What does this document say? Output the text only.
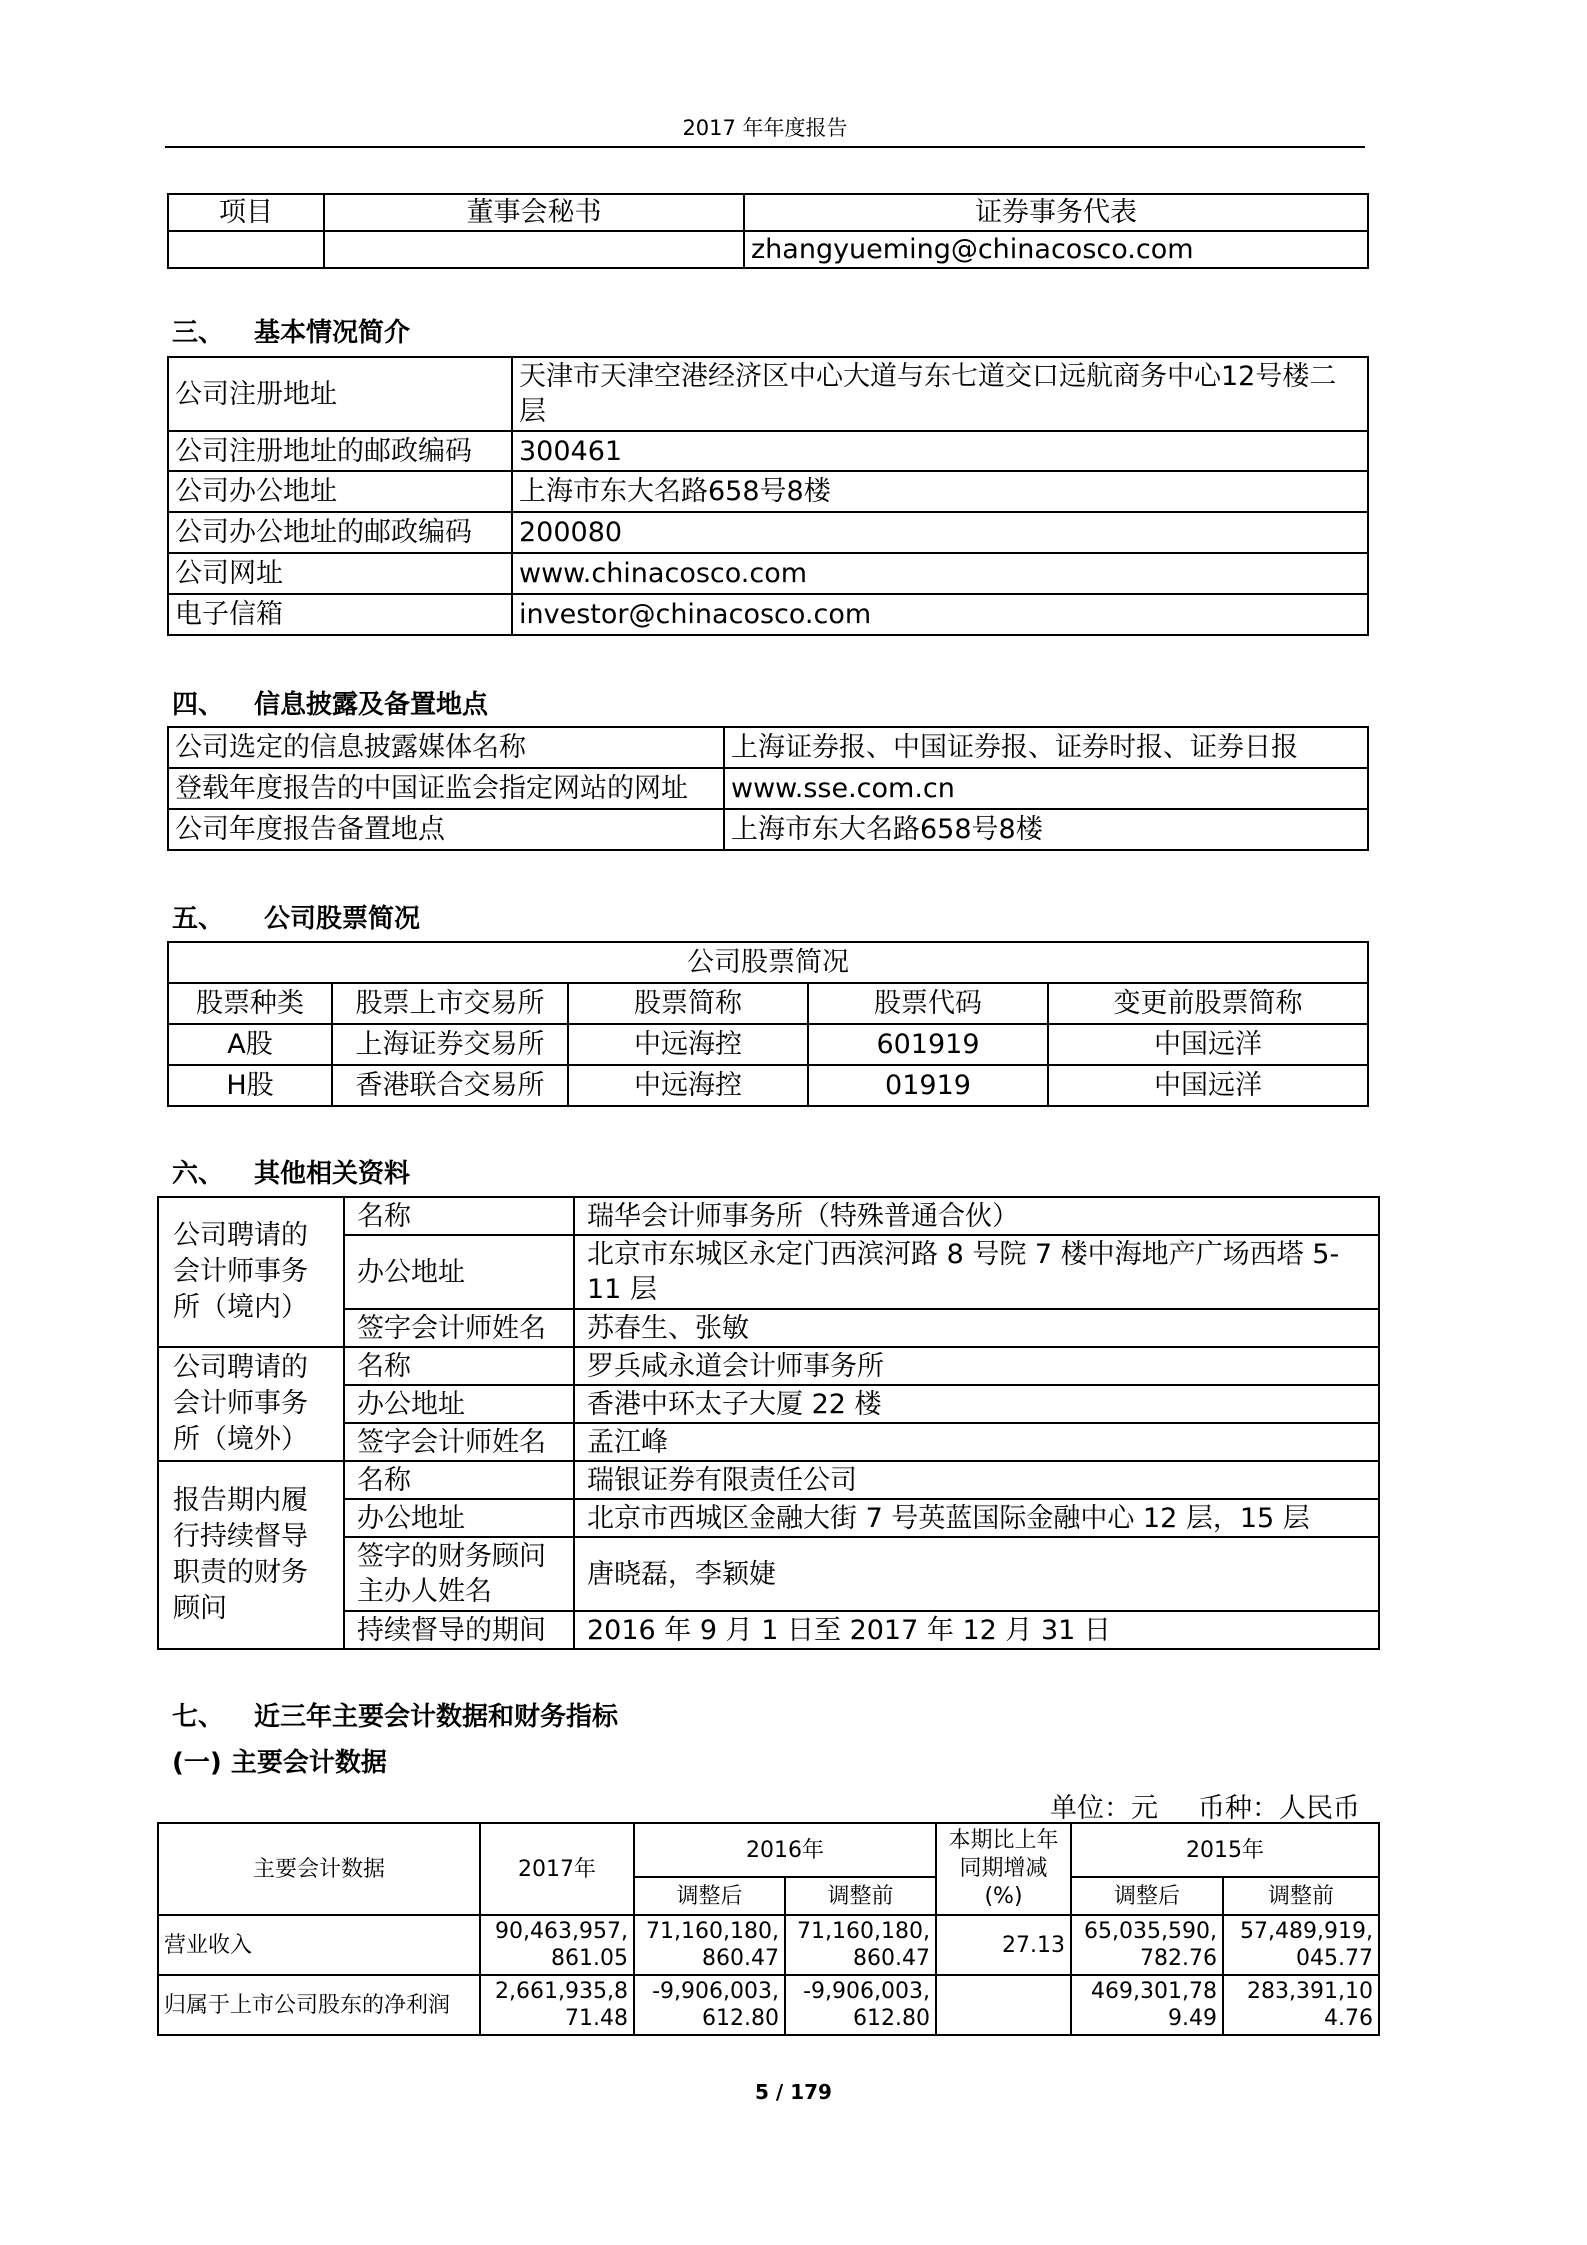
2017 年年度报告
项目	董事会秘书	证券事务代表
		zhangyueming@chinacosco.com
三、 基本情况简介
公司注册地址	天津市天津空港经济区中心大道与东七道交口远航商务中心12号楼二层
公司注册地址的邮政编码	300461
公司办公地址	上海市东大名路658号8楼
公司办公地址的邮政编码	200080
公司网址	www.chinacosco.com
电子信箱	investor@chinacosco.com
四、 信息披露及备置地点
公司选定的信息披露媒体名称	上海证券报、中国证券报、证券时报、证券日报
登载年度报告的中国证监会指定网站的网址	www.sse.com.cn
公司年度报告备置地点	上海市东大名路658号8楼
五、 公司股票简况
公司股票简况				
股票种类	股票上市交易所	股票简称	股票代码	变更前股票简称
A股	上海证券交易所	中远海控	601919	中国远洋
H股	香港联合交易所	中远海控	01919	中国远洋
六、 其他相关资料
公司聘请的会计师事务所（境内）	名称	瑞华会计师事务所（特殊普通合伙）
	办公地址	北京市东城区永定门西滨河路 8 号院 7 楼中海地产广场西塔 5-11 层
	签字会计师姓名	苏春生、张敏
公司聘请的会计师事务所（境外）	名称	罗兵咸永道会计师事务所
	办公地址	香港中环太子大厦 22 楼
	签字会计师姓名	孟江峰
报告期内履行持续督导职责的财务顾问	名称	瑞银证券有限责任公司
	办公地址	北京市西城区金融大街 7 号英蓝国际金融中心 12 层，15 层
	签字的财务顾问主办人姓名	唐晓磊，李颖婕
	持续督导的期间	2016 年 9 月 1 日至 2017 年 12 月 31 日
七、 近三年主要会计数据和财务指标
(一) 主要会计数据
单位：元 币种：人民币
主要会计数据	2017年	2016年		本期比上年同期增减(%)	2015年	
		调整后	调整前		调整后	调整前
营业收入	90,463,957,861.05	71,160,180,860.47	71,160,180,860.47	27.13	65,035,590,782.76	57,489,919,045.77
归属于上市公司股东的净利润	2,661,935,871.48	-9,906,003,612.80	-9,906,003,612.80		469,301,789.49	283,391,104.76
5 / 179
